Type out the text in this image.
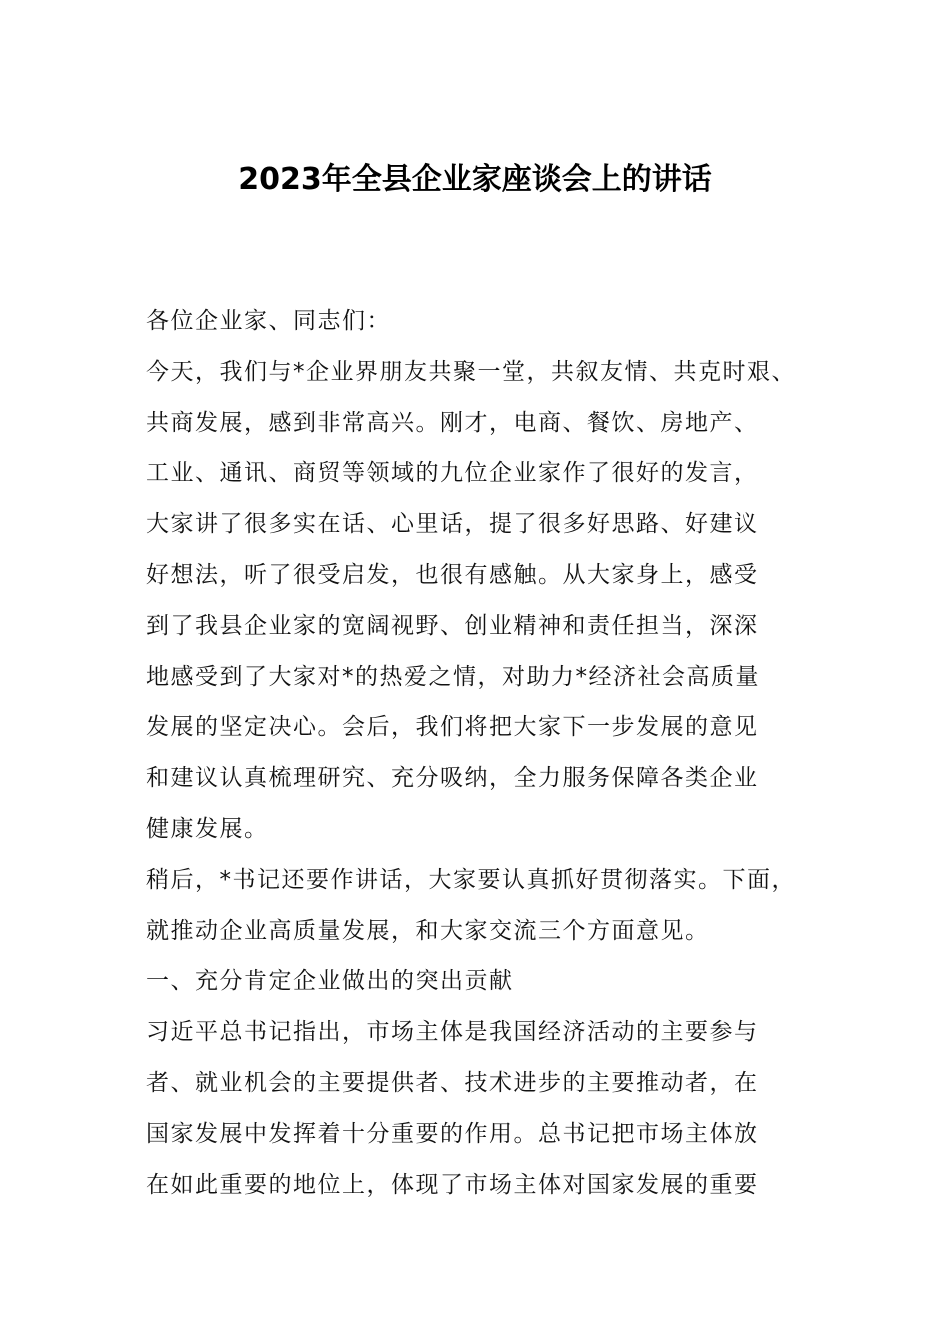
2023年全县企业家座谈会上的讲话
各位企业家、同志们：
今天，我们与*企业界朋友共聚一堂，共叙友情、共克时艰、
共商发展，感到非常高兴。刚才，电商、餐饮、房地产、
工业、通讯、商贸等领域的九位企业家作了很好的发言，
大家讲了很多实在话、心里话，提了很多好思路、好建议
好想法，听了很受启发，也很有感触。从大家身上，感受
到了我县企业家的宽阔视野、创业精神和责任担当，深深
地感受到了大家对*的热爱之情，对助力*经济社会高质量
发展的坚定决心。会后，我们将把大家下一步发展的意见
和建议认真梳理研究、充分吸纳，全力服务保障各类企业
健康发展。
稍后，*书记还要作讲话，大家要认真抓好贯彻落实。下面，
就推动企业高质量发展，和大家交流三个方面意见。
一、充分肯定企业做出的突出贡献
习近平总书记指出，市场主体是我国经济活动的主要参与
者、就业机会的主要提供者、技术进步的主要推动者，在
国家发展中发挥着十分重要的作用。总书记把市场主体放
在如此重要的地位上，体现了市场主体对国家发展的重要
